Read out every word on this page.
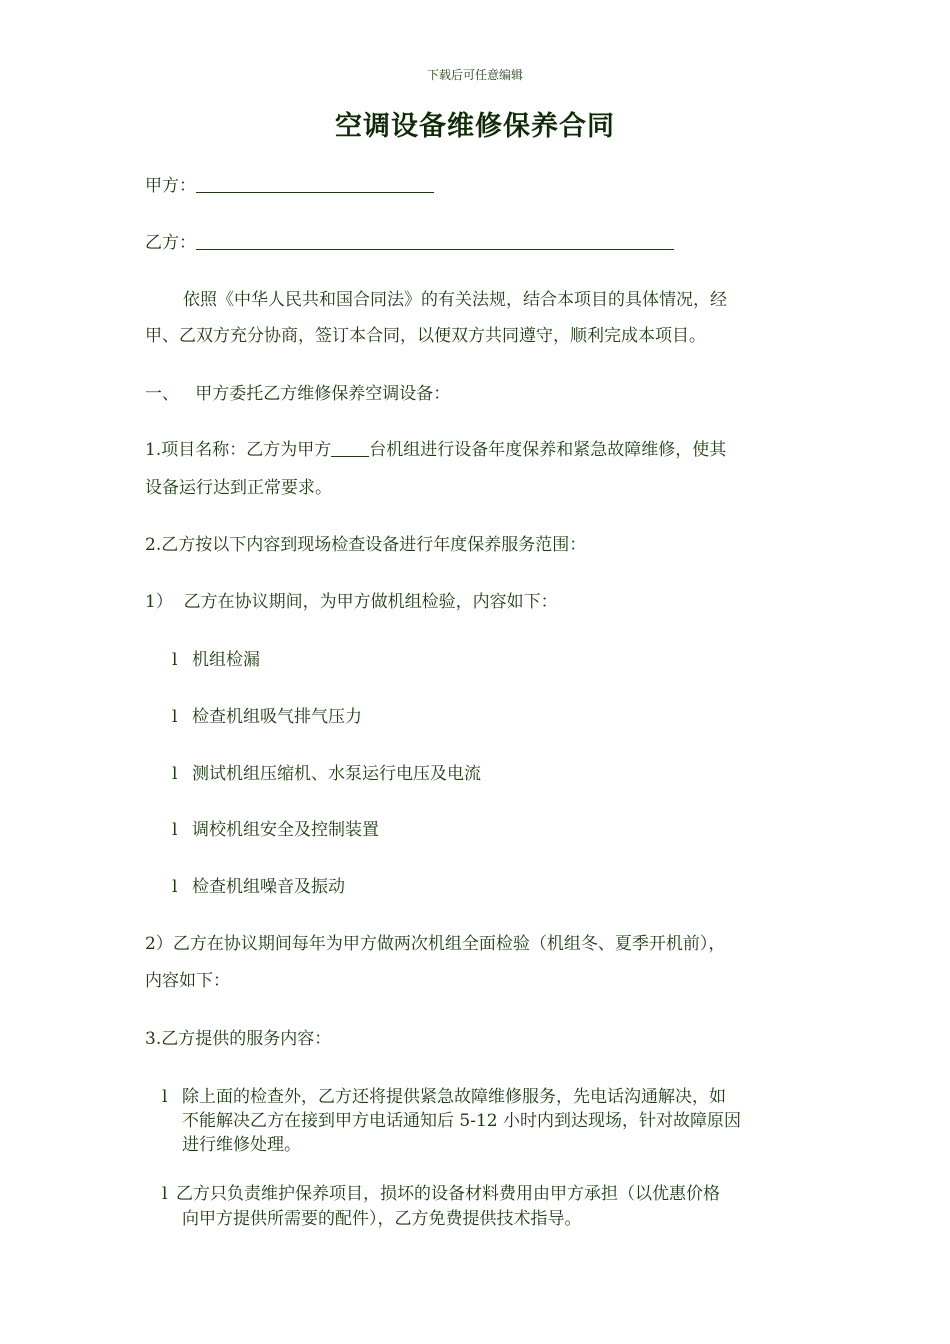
下载后可任意编辑
空调设备维修保养合同
甲方：
乙方：
依照《中华人民共和国合同法》的有关法规，结合本项目的具体情况，经
甲、乙双方充分协商，签订本合同，以便双方共同遵守，顺利完成本项目。
一、   甲方委托乙方维修保养空调设备：
1.项目名称：乙方为甲方 台机组进行设备年度保养和紧急故障维修，使其
设备运行达到正常要求。
2.乙方按以下内容到现场检查设备进行年度保养服务范围：
1）  乙方在协议期间，为甲方做机组检验，内容如下：
l 机组检漏
l 检查机组吸气排气压力
l 测试机组压缩机、水泵运行电压及电流
l 调校机组安全及控制装置
l 检查机组噪音及振动
2）乙方在协议期间每年为甲方做两次机组全面检验（机组冬、夏季开机前），
内容如下：
3.乙方提供的服务内容：
l 除上面的检查外，乙方还将提供紧急故障维修服务，先电话沟通解决，如
不能解决乙方在接到甲方电话通知后 5-12 小时内到达现场，针对故障原因
进行维修处理。
l 乙方只负责维护保养项目，损坏的设备材料费用由甲方承担（以优惠价格
向甲方提供所需要的配件），乙方免费提供技术指导。
